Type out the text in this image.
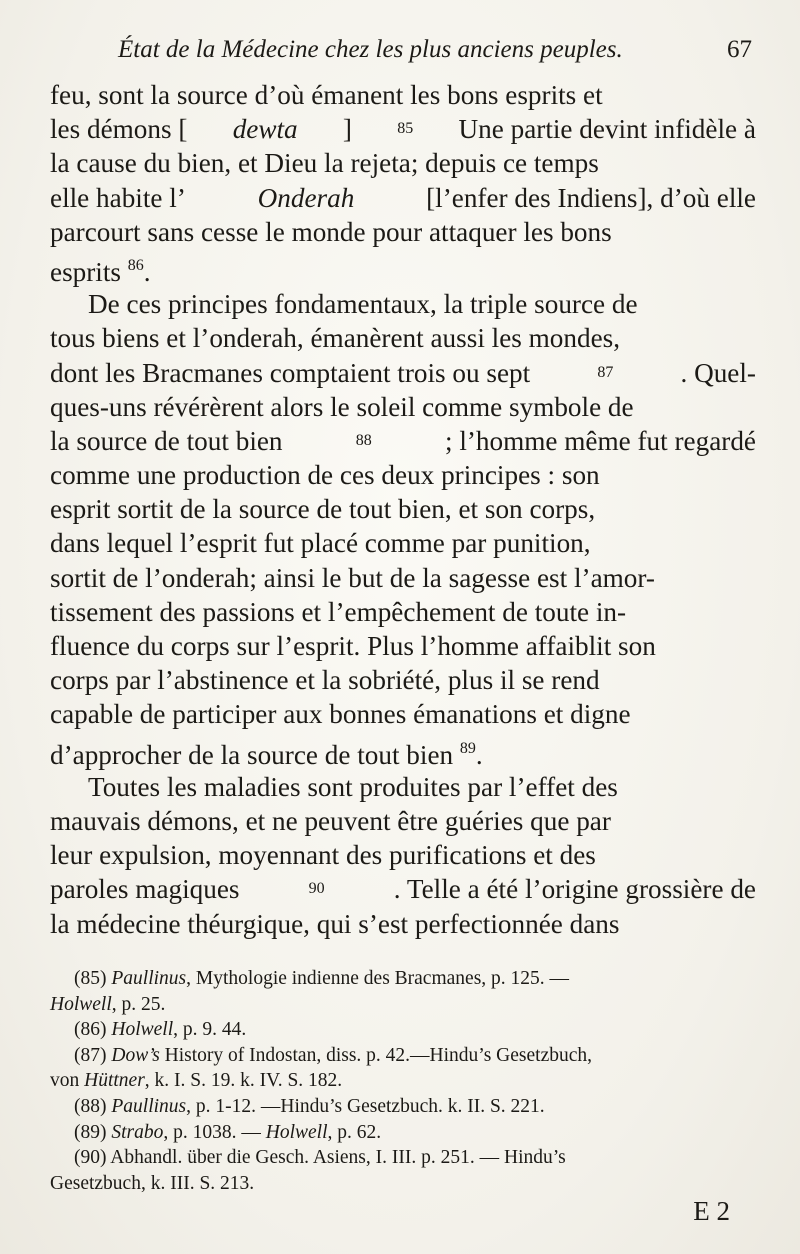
État de la Médecine chez les plus anciens peuples.	67
feu, sont la source d’où émanent les bons esprits et
les démons [ dewta ]	85 Une partie devint infidèle à
la cause du bien, et Dieu la rejeta; depuis ce temps
elle habite l’	Onderah	[l’enfer des Indiens], d’où elle
parcourt sans cesse le monde pour attaquer les bons
esprits $^{86}$.
De ces principes fondamentaux, la triple source de
tous biens et l’onderah, émanèrent aussi les mondes,
dont les Bracmanes comptaient trois ou sept	87 . Quel-
ques-uns révérèrent alors le soleil comme symbole de
la source de tout bien	88	; l’homme même fut regardé
comme une production de ces deux principes : son
esprit sortit de la source de tout bien, et son corps,
dans lequel l’esprit fut placé comme par punition,
sortit de l’onderah; ainsi le but de la sagesse est l’amor-
tissement des passions et l’empêchement de toute in-
fluence du corps sur l’esprit. Plus l’homme affaiblit son
corps par l’abstinence et la sobriété, plus il se rend
capable de participer aux bonnes émanations et digne
d’approcher de la source de tout bien $^{89}$.
Toutes les maladies sont produites par l’effet des
mauvais démons, et ne peuvent être guéries que par
leur expulsion, moyennant des purifications et des
paroles magiques	90	. Telle a été l’origine grossière de
la médecine théurgique, qui s’est perfectionnée dans
(85) Paullinus, Mythologie indienne des Bracmanes, p. 125. —
Holwell, p. 25.
(86) Holwell, p. 9. 44.
(87) Dow’s History of Indostan, diss. p. 42.—Hindu’s Gesetzbuch,
von Hüttner, k. I. S. 19. k. IV. S. 182.
(88) Paullinus, p. 1-12. —Hindu’s Gesetzbuch. k. II. S. 221.
(89) Strabo, p. 1038. — Holwell, p. 62.
(90) Abhandl. über die Gesch. Asiens, I. III. p. 251. — Hindu’s
Gesetzbuch, k. III. S. 213.
E 2
